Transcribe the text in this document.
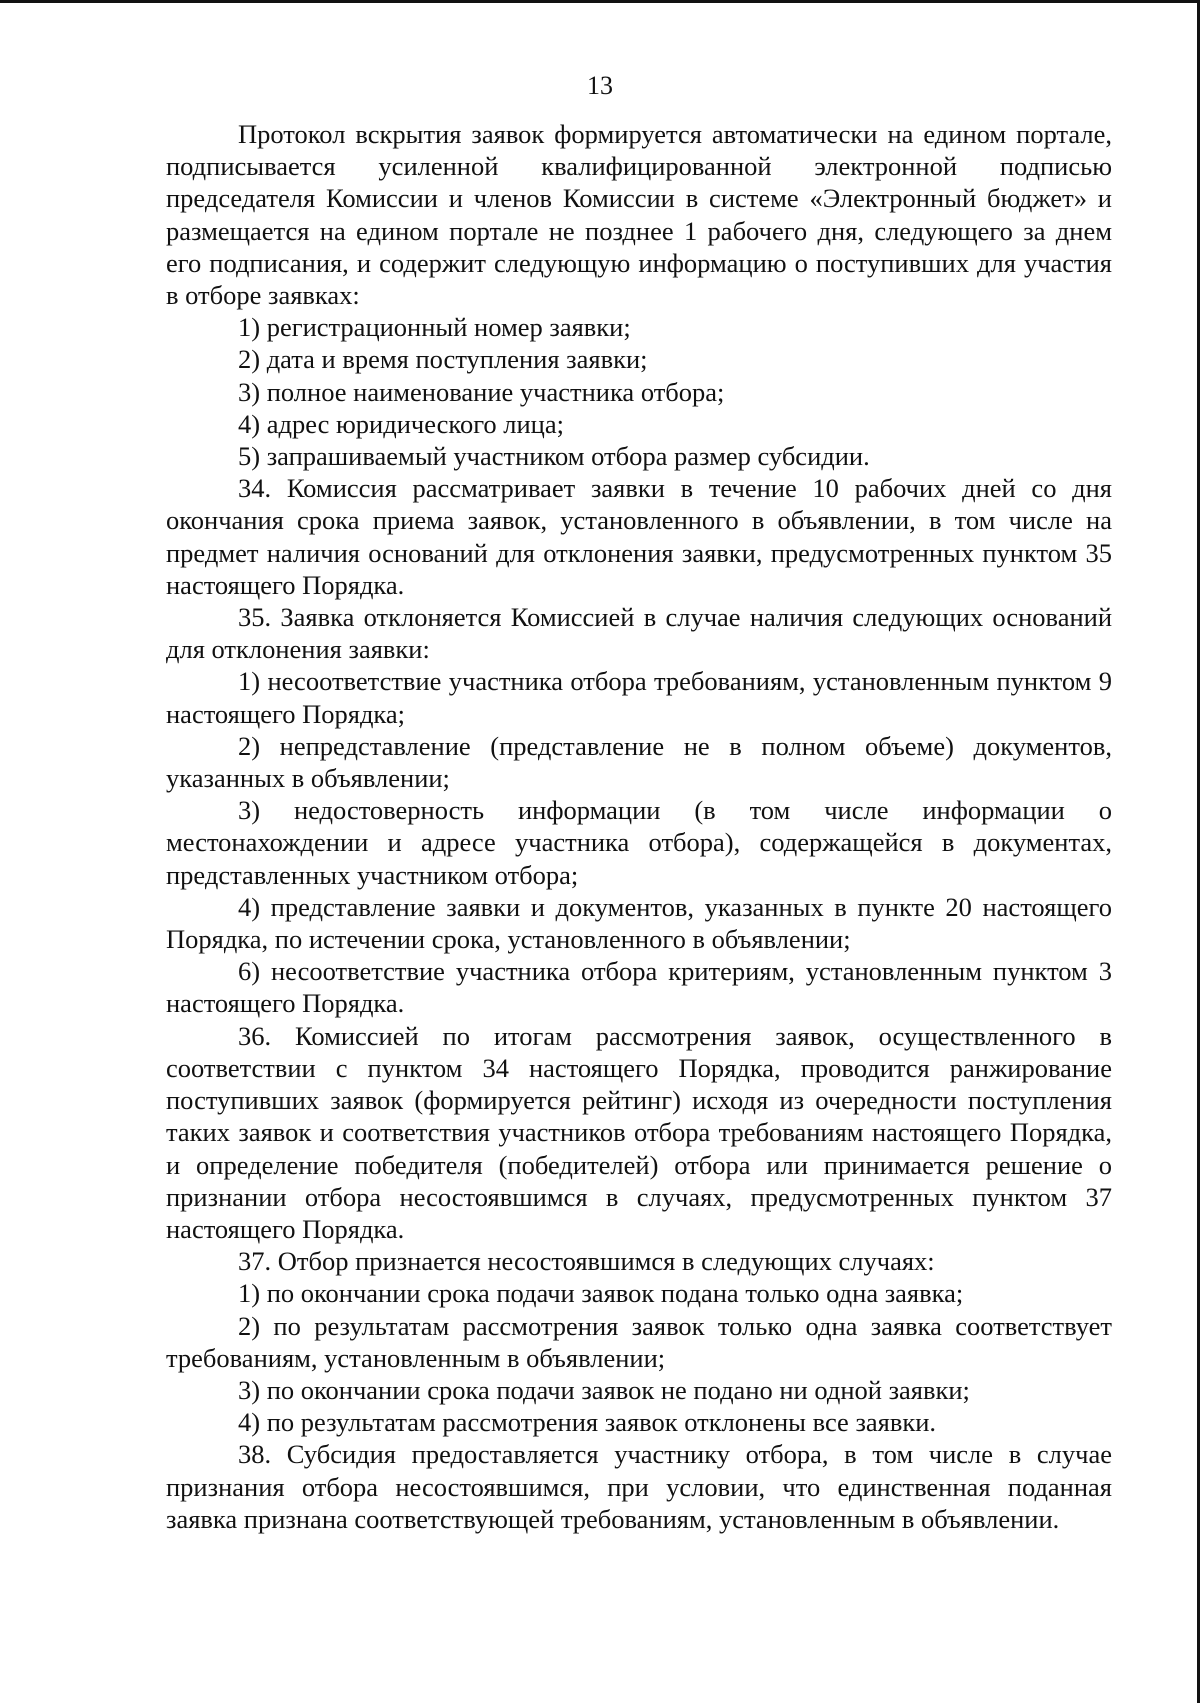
13

Протокол вскрытия заявок формируется автоматически на едином портале, подписывается усиленной квалифицированной электронной подписью председателя Комиссии и членов Комиссии в системе «Электронный бюджет» и размещается на едином портале не позднее 1 рабочего дня, следующего за днем его подписания, и содержит следующую информацию о поступивших для участия в отборе заявках:

1) регистрационный номер заявки;

2) дата и время поступления заявки;

3) полное наименование участника отбора;

4) адрес юридического лица;

5) запрашиваемый участником отбора размер субсидии.

34. Комиссия рассматривает заявки в течение 10 рабочих дней со дня окончания срока приема заявок, установленного в объявлении, в том числе на предмет наличия оснований для отклонения заявки, предусмотренных пунктом 35 настоящего Порядка.

35. Заявка отклоняется Комиссией в случае наличия следующих оснований для отклонения заявки:

1) несоответствие участника отбора требованиям, установленным пунктом 9 настоящего Порядка;

2) непредставление (представление не в полном объеме) документов, указанных в объявлении;

3) недостоверность информации (в том числе информации о местонахождении и адресе участника отбора), содержащейся в документах, представленных участником отбора;

4) представление заявки и документов, указанных в пункте 20 настоящего Порядка, по истечении срока, установленного в объявлении;

6) несоответствие участника отбора критериям, установленным пунктом 3 настоящего Порядка.

36. Комиссией по итогам рассмотрения заявок, осуществленного в соответствии с пунктом 34 настоящего Порядка, проводится ранжирование поступивших заявок (формируется рейтинг) исходя из очередности поступления таких заявок и соответствия участников отбора требованиям настоящего Порядка, и определение победителя (победителей) отбора или принимается решение о признании отбора несостоявшимся в случаях, предусмотренных пунктом 37 настоящего Порядка.

37. Отбор признается несостоявшимся в следующих случаях:

1) по окончании срока подачи заявок подана только одна заявка;

2) по результатам рассмотрения заявок только одна заявка соответствует требованиям, установленным в объявлении;

3) по окончании срока подачи заявок не подано ни одной заявки;

4) по результатам рассмотрения заявок отклонены все заявки.

38. Субсидия предоставляется участнику отбора, в том числе в случае признания отбора несостоявшимся, при условии, что единственная поданная заявка признана соответствующей требованиям, установленным в объявлении.
